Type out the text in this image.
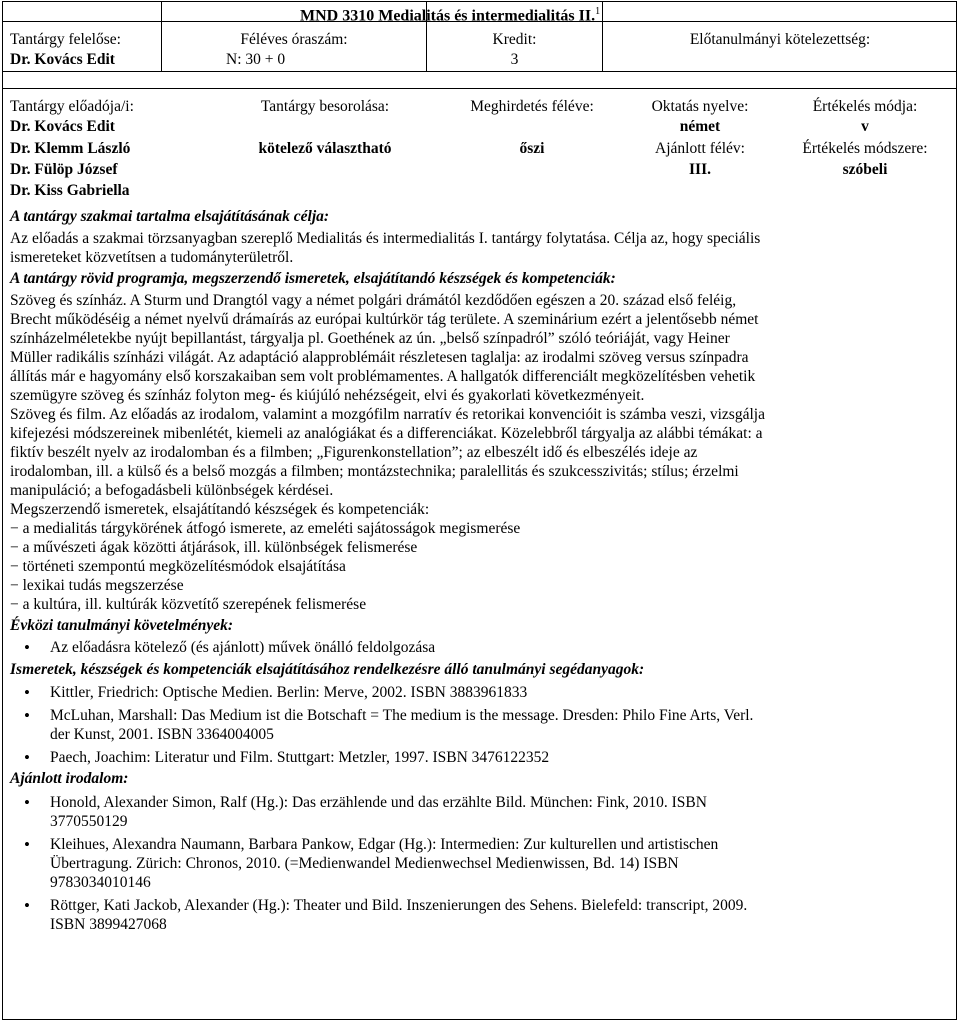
MND 3310 Medialitás és intermedialitás II.$^1$
Tantárgy felelőse:
Dr. Kovács Edit
Féléves óraszám:
N: 30 + 0
Kredit:
3
Előtanulmányi kötelezettség:
Tantárgy előadója/i:
Dr. Kovács Edit
Dr. Klemm László
Dr. Fülöp József
Dr. Kiss Gabriella
Tantárgy besorolása:
kötelező választható
Meghirdetés féléve:
őszi
Oktatás nyelve:
német
Ajánlott félév:
III.
Értékelés módja:
v
Értékelés módszere:
szóbeli
A tantárgy szakmai tartalma elsajátításának célja:
Az előadás a szakmai törzsanyagban szereplő Medialitás és intermedialitás I. tantárgy folytatása. Célja az, hogy speciális
ismereteket közvetítsen a tudományterületről.
A tantárgy rövid programja, megszerzendő ismeretek, elsajátítandó készségek és kompetenciák:
Szöveg és színház. A Sturm und Drangtól vagy a német polgári drámától kezdődően egészen a 20. század első feléig,
Brecht működéséig a német nyelvű drámaírás az európai kultúrkör tág területe. A szeminárium ezért a jelentősebb német
színházelméletekbe nyújt bepillantást, tárgyalja pl. Goethének az ún. „belső színpadról” szóló teóriáját, vagy Heiner
Müller radikális színházi világát. Az adaptáció alapproblémáit részletesen taglalja: az irodalmi szöveg versus színpadra
állítás már e hagyomány első korszakaiban sem volt problémamentes. A hallgatók differenciált megközelítésben vehetik
szemügyre szöveg és színház folyton meg- és kiújúló nehézségeit, elvi és gyakorlati következményeit.
Szöveg és film. Az előadás az irodalom, valamint a mozgófilm narratív és retorikai konvencióit is számba veszi, vizsgálja
kifejezési módszereinek mibenlétét, kiemeli az analógiákat és a differenciákat. Közelebbről tárgyalja az alábbi témákat: a
fiktív beszélt nyelv az irodalomban és a filmben; „Figurenkonstellation”; az elbeszélt idő és elbeszélés ideje az
irodalomban, ill. a külső és a belső mozgás a filmben; montázstechnika; paralellitás és szukcesszivitás; stílus; érzelmi
manipuláció; a befogadásbeli különbségek kérdései.
Megszerzendő ismeretek, elsajátítandó készségek és kompetenciák:
− a medialitás tárgykörének átfogó ismerete, az emeléti sajátosságok megismerése
− a művészeti ágak közötti átjárások, ill. különbségek felismerése
− történeti szempontú megközelítésmódok elsajátítása
− lexikai tudás megszerzése
− a kultúra, ill. kultúrák közvetítő szerepének felismerése
Évközi tanulmányi követelmények:
• Az előadásra kötelező (és ajánlott) művek önálló feldolgozása
Ismeretek, készségek és kompetenciák elsajátításához rendelkezésre álló tanulmányi segédanyagok:
• Kittler, Friedrich: Optische Medien. Berlin: Merve, 2002. ISBN 3883961833
• McLuhan, Marshall: Das Medium ist die Botschaft = The medium is the message. Dresden: Philo Fine Arts, Verl.
der Kunst, 2001. ISBN 3364004005
• Paech, Joachim: Literatur und Film. Stuttgart: Metzler, 1997. ISBN 3476122352
Ajánlott irodalom:
• Honold, Alexander Simon, Ralf (Hg.): Das erzählende und das erzählte Bild. München: Fink, 2010. ISBN
3770550129
• Kleihues, Alexandra Naumann, Barbara Pankow, Edgar (Hg.): Intermedien: Zur kulturellen und artistischen
Übertragung. Zürich: Chronos, 2010. (=Medienwandel Medienwechsel Medienwissen, Bd. 14) ISBN
9783034010146
• Röttger, Kati Jackob, Alexander (Hg.): Theater und Bild. Inszenierungen des Sehens. Bielefeld: transcript, 2009.
ISBN 3899427068
